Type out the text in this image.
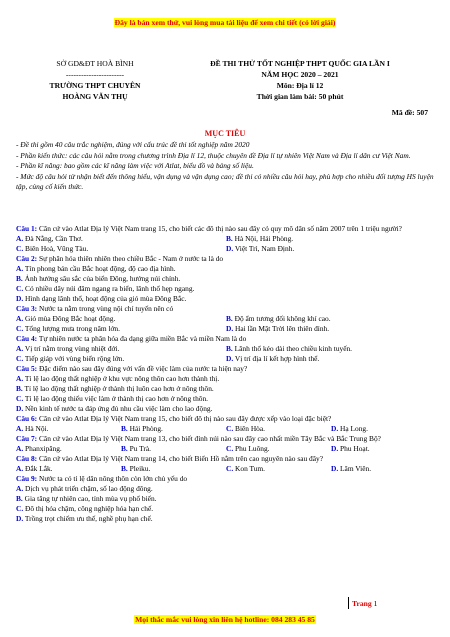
Đây là bản xem thử, vui lòng mua tài liệu để xem chi tiết (có lời giải)
SỞ GD&ĐT HOÀ BÌNH
-----------------------
TRƯỜNG THPT CHUYÊN
HOÀNG VĂN THỤ
ĐỀ THI THỬ TỐT NGHIỆP THPT QUỐC GIA LẦN I
NĂM HỌC 2020 – 2021
Môn: Địa lí 12
Thời gian làm bài: 50 phút
Mã đề: 507
MỤC TIÊU

- Đề thi gồm 40 câu trắc nghiệm, đúng với cấu trúc đề thi tốt nghiệp năm 2020

- Phần kiến thức: các câu hỏi nằm trong chương trình Địa lí 12, thuộc chuyên đề Địa lí tự nhiên Việt Nam và Địa lí dân cư Việt Nam.

- Phần kĩ năng: bao gồm các kĩ năng làm việc với Atlat, biểu đồ và bảng số liệu.

- Mức độ câu hỏi từ nhận biết đến thông hiểu, vận dụng và vận dụng cao; đề thi có nhiều câu hỏi hay, phù hợp cho nhiều đối tượng HS luyện tập, củng cố kiến thức.

Câu 1: Căn cứ vào Atlat Địa lý Việt Nam trang 15, cho biết các đô thị nào sau đây có quy mô dân số năm 2007 trên 1 triệu người?

A. Đà Nẵng, Cần Thơ.	B. Hà Nội, Hải Phòng.
C. Biên Hoà, Vũng Tàu.	D. Việt Trì, Nam Định.

Câu 2: Sự phân hóa thiên nhiên theo chiều Bắc - Nam ở nước ta là do

A. Tín phong bán cầu Bắc hoạt động, độ cao địa hình.
B. Ảnh hưởng sâu sắc của biển Đông, hướng núi chính.
C. Có nhiều dãy núi đâm ngang ra biển, lãnh thổ hẹp ngang.
D. Hình dạng lãnh thổ, hoạt động của gió mùa Đông Bắc.

Câu 3: Nước ta nằm trong vùng nội chí tuyến nên có

A. Gió mùa Đông Bắc hoạt động.	B. Độ ẩm tương đối không khí cao.
C. Tổng lượng mưa trong năm lớn.	D. Hai lần Mặt Trời lên thiên đỉnh.

Câu 4: Tự nhiên nước ta phân hóa đa dạng giữa miền Bắc và miền Nam là do

A. Vị trí nằm trong vùng nhiệt đới.	B. Lãnh thổ kéo dài theo chiều kinh tuyến.
C. Tiếp giáp với vùng biển rộng lớn.	D. Vị trí địa lí kết hợp hình thể.

Câu 5: Đặc điểm nào sau đây đúng với vấn đề việc làm của nước ta hiện nay?

A. Tỉ lệ lao động thất nghiệp ở khu vực nông thôn cao hơn thành thị.
B. Tỉ lệ lao động thất nghiệp ở thành thị luôn cao hơn ở nông thôn.
C. Tỉ lệ lao động thiếu việc làm ở thành thị cao hơn ở nông thôn.
D. Nền kinh tế nước ta đáp ứng đủ nhu cầu việc làm cho lao động.

Câu 6: Căn cứ vào Atlat Địa lý Việt Nam trang 15, cho biết đô thị nào sau đây được xếp vào loại đặc biệt?

A. Hà Nội.	B. Hải Phòng.	C. Biên Hòa.	D. Hạ Long.

Câu 7: Căn cứ vào Atlat Địa lý Việt Nam trang 13, cho biết đỉnh núi nào sau đây cao nhất miền Tây Bắc và Bắc Trung Bộ?

A. Phanxipăng.	B. Pu Trà.	C. Phu Luông.	D. Phu Hoạt.

Câu 8: Căn cứ vào Atlat Địa lý Việt Nam trang 14, cho biết Biển Hồ nằm trên cao nguyên nào sau đây?

A. Đắk Lắk.	B. Pleiku.	C. Kon Tum.	D. Lâm Viên.

Câu 9: Nước ta có tỉ lệ dân nông thôn còn lớn chủ yếu do

A. Dịch vụ phát triển chậm, số lao động đông.
B. Gia tăng tự nhiên cao, tỉnh mùa vụ phổ biến.
C. Đô thị hóa chậm, công nghiệp hóa hạn chế.
D. Trồng trọt chiếm ưu thế, nghề phụ hạn chế.
Trang 1
Mọi thắc mắc vui lòng xin liên hệ hotline: 084 283 45 85
